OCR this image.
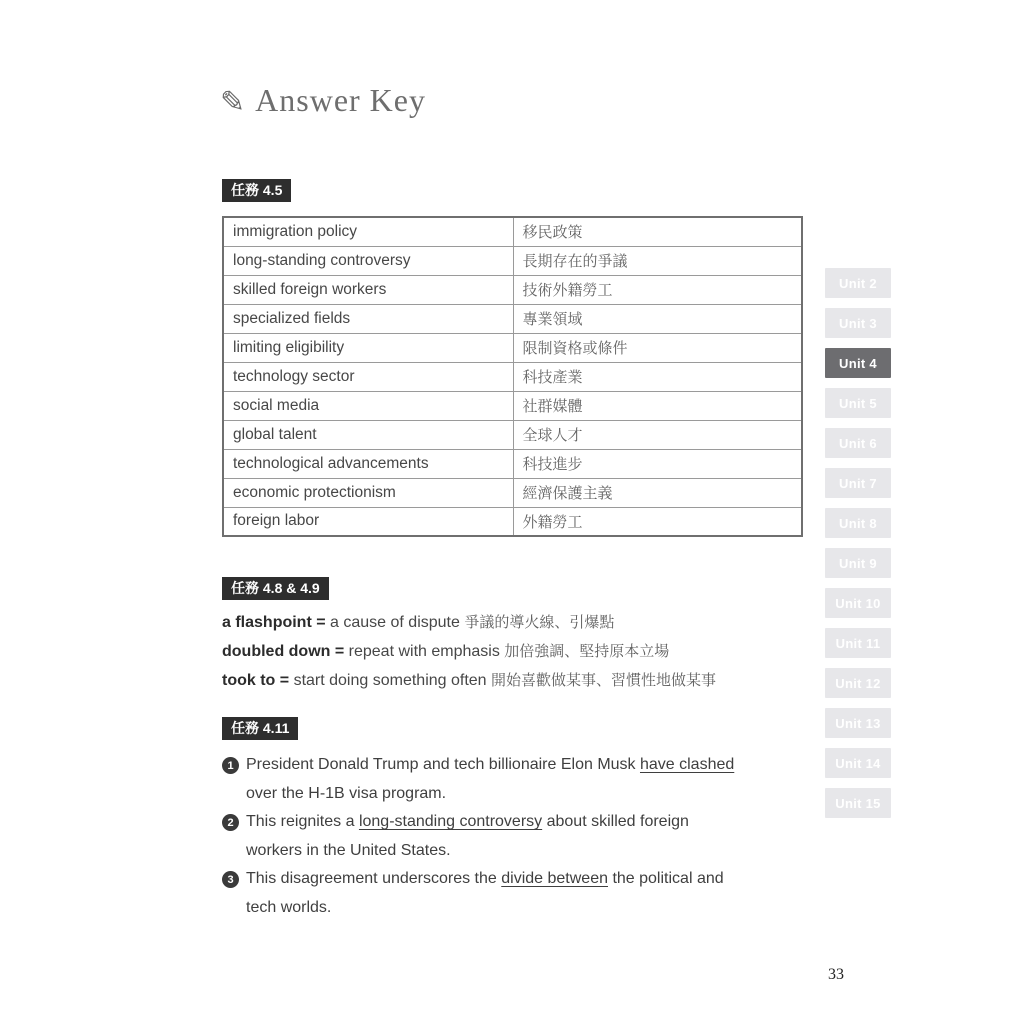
✎ Answer Key
任務 4.5
immigration policy	移民政策
long-standing controversy	長期存在的爭議
skilled foreign workers	技術外籍勞工
specialized fields	專業領域
limiting eligibility	限制資格或條件
technology sector	科技產業
social media	社群媒體
global talent	全球人才
technological advancements	科技進步
economic protectionism	經濟保護主義
foreign labor	外籍勞工
任務 4.8 & 4.9
a flashpoint = a cause of dispute 爭議的導火線、引爆點
doubled down = repeat with emphasis 加倍強調、堅持原本立場
took to = start doing something often 開始喜歡做某事、習慣性地做某事
任務 4.11
1 President Donald Trump and tech billionaire Elon Musk have clashed
over the H-1B visa program.
2 This reignites a long-standing controversy about skilled foreign
workers in the United States.
3 This disagreement underscores the divide between the political and
tech worlds.
Unit 2
Unit 3
Unit 4
Unit 5
Unit 6
Unit 7
Unit 8
Unit 9
Unit 10
Unit 11
Unit 12
Unit 13
Unit 14
Unit 15
33
